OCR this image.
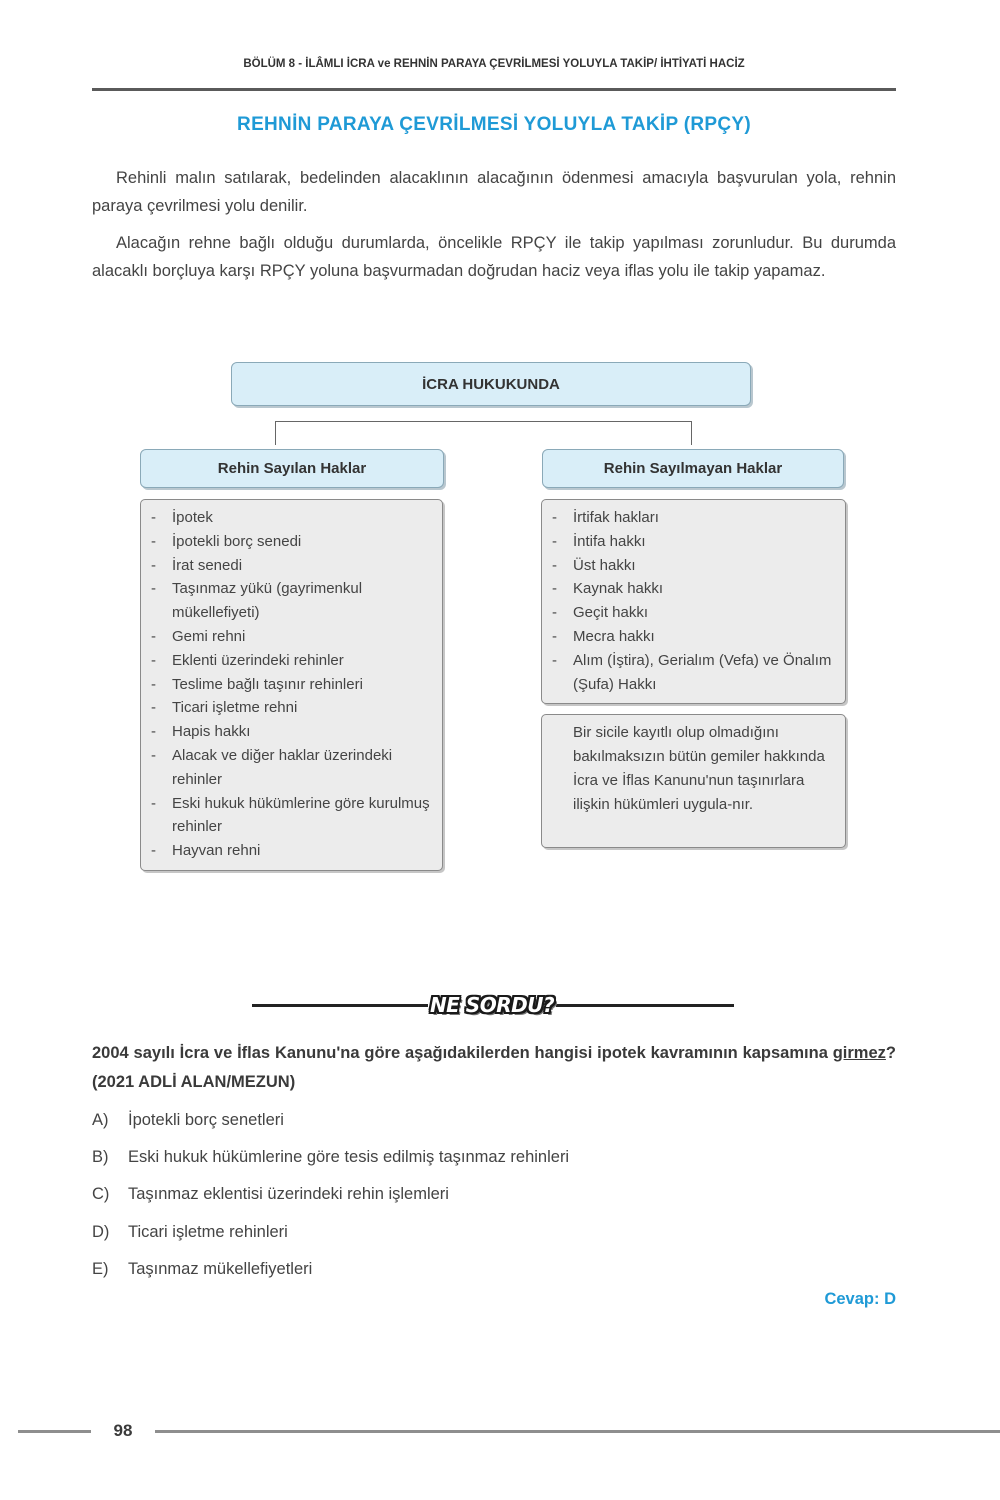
BÖLÜM 8 - İLÂMLI İCRA ve REHNİN PARAYA ÇEVRİLMESİ YOLUYLA TAKİP/ İHTİYATİ HACİZ
REHNİN PARAYA ÇEVRİLMESİ YOLUYLA TAKİP (RPÇY)

Rehinli malın satılarak, bedelinden alacaklının alacağının ödenmesi amacıyla başvurulan yola, rehnin paraya çevrilmesi yolu denilir.

Alacağın rehne bağlı olduğu durumlarda, öncelikle RPÇY ile takip yapılması zorunludur. Bu durumda alacaklı borçluya karşı RPÇY yoluna başvurmadan doğrudan haciz veya iflas yolu ile takip yapamaz.

İCRA HUKUKUNDA
Rehin Sayılan Haklar	Rehin Sayılmayan Haklar
- İpotek
- İpotekli borç senedi
- İrat senedi
- Taşınmaz yükü (gayrimenkul mükellefiyeti)
- Gemi rehni
- Eklenti üzerindeki rehinler
- Teslime bağlı taşınır rehinleri
- Ticari işletme rehni
- Hapis hakkı
- Alacak ve diğer haklar üzerindeki rehinler
- Eski hukuk hükümlerine göre kurulmuş rehinler
- Hayvan rehni
- İrtifak hakları
- İntifa hakkı
- Üst hakkı
- Kaynak hakkı
- Geçit hakkı
- Mecra hakkı
- Alım (İştira), Gerialım (Vefa) ve Önalım (Şufa) Hakkı
Bir sicile kayıtlı olup olmadığını bakılmaksızın bütün gemiler hakkında İcra ve İflas Kanunu'nun taşınırlara ilişkin hükümleri uygula-nır.
NE SORDU?
2004 sayılı İcra ve İflas Kanunu'na göre aşağıdakilerden hangisi ipotek kavramının kapsamına girmez? (2021 ADLİ ALAN/MEZUN)
A)	İpotekli borç senetleri
B)	Eski hukuk hükümlerine göre tesis edilmiş taşınmaz rehinleri
C)	Taşınmaz eklentisi üzerindeki rehin işlemleri
D)	Ticari işletme rehinleri
E)	Taşınmaz mükellefiyetleri
Cevap: D
98
